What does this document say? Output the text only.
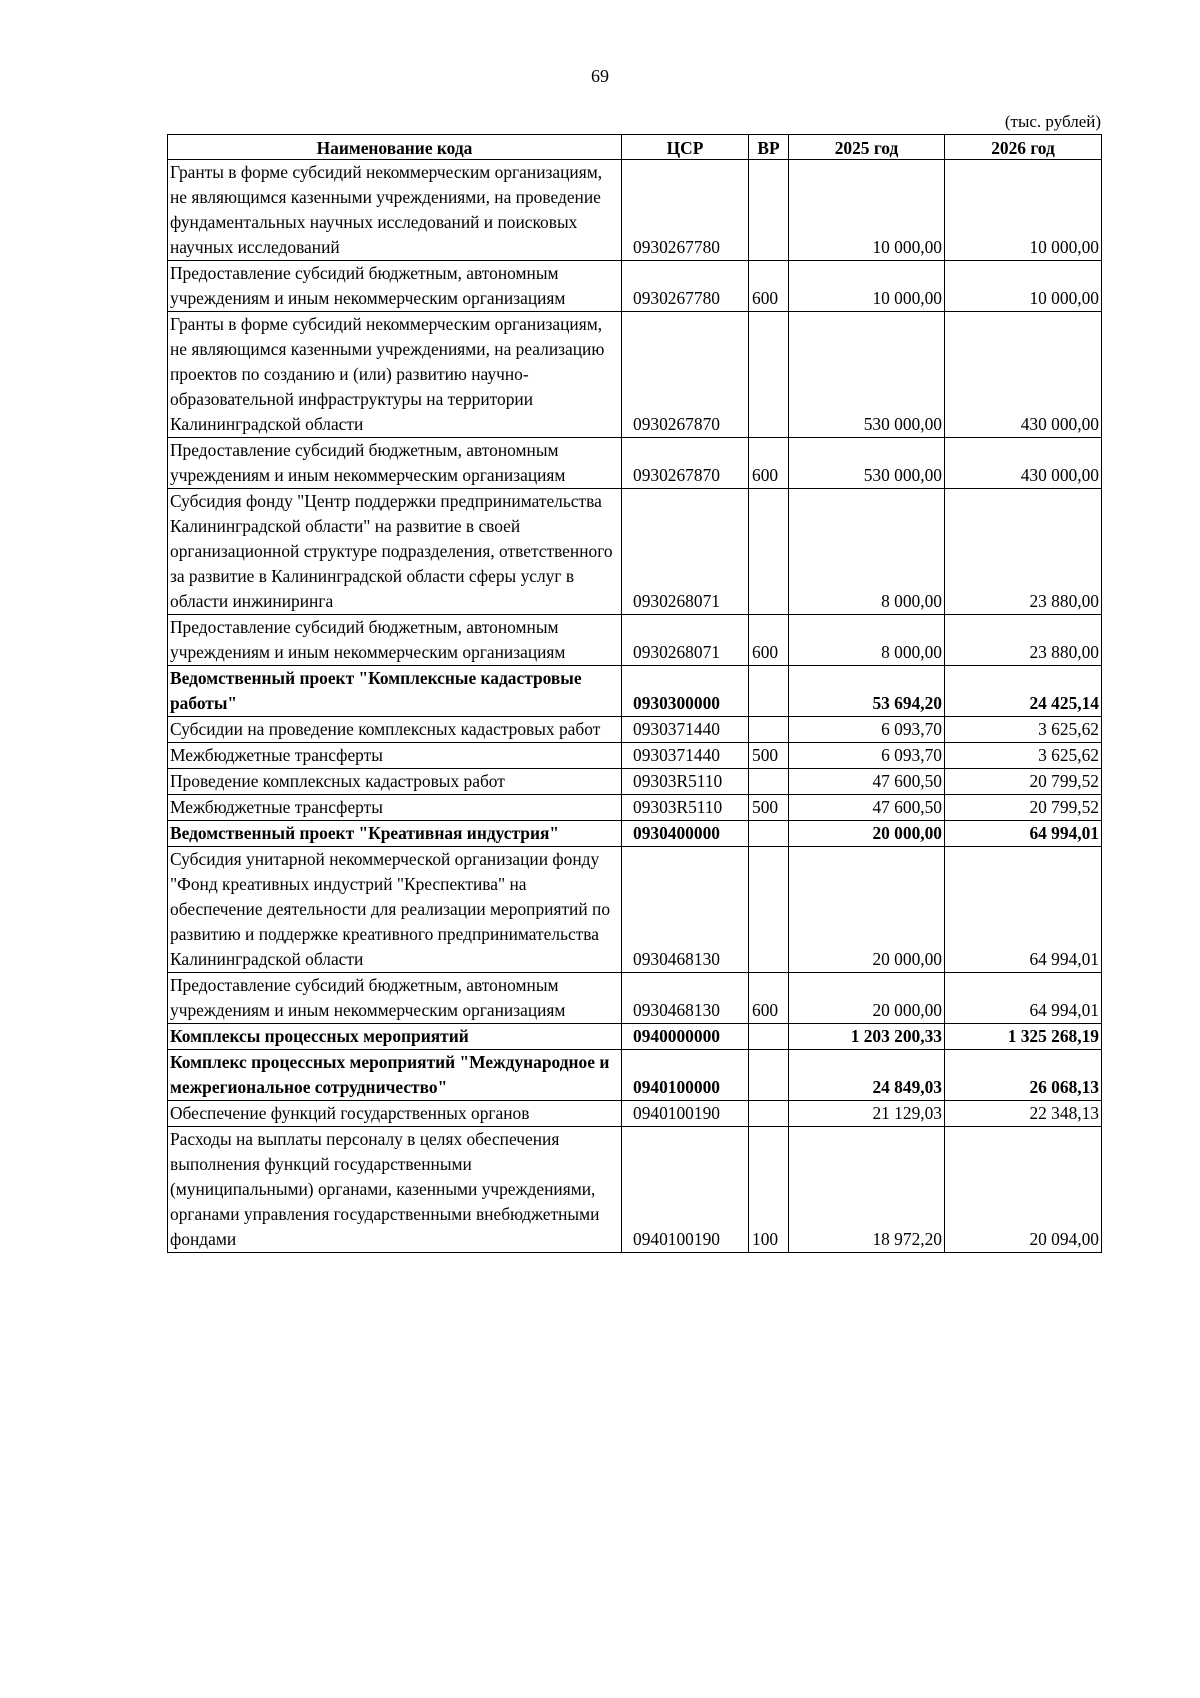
69
(тыс. рублей)
Наименование кода	ЦСР	ВР	2025 год	2026 год
Гранты в форме субсидий некоммерческим организациям, не являющимся казенными учреждениями, на проведение фундаментальных научных исследований и поисковых научных исследований	0930267780		10 000,00	10 000,00
Предоставление субсидий бюджетным, автономным учреждениям и иным некоммерческим организациям	0930267780	600	10 000,00	10 000,00
Гранты в форме субсидий некоммерческим организациям, не являющимся казенными учреждениями, на реализацию проектов по созданию и (или) развитию научно-образовательной инфраструктуры на территории Калининградской области	0930267870		530 000,00	430 000,00
Предоставление субсидий бюджетным, автономным учреждениям и иным некоммерческим организациям	0930267870	600	530 000,00	430 000,00
Субсидия фонду "Центр поддержки предпринимательства Калининградской области" на развитие в своей организационной структуре подразделения, ответственного за развитие в Калининградской области сферы услуг в области инжиниринга	0930268071		8 000,00	23 880,00
Предоставление субсидий бюджетным, автономным учреждениям и иным некоммерческим организациям	0930268071	600	8 000,00	23 880,00
Ведомственный проект "Комплексные кадастровые работы"	0930300000		53 694,20	24 425,14
Субсидии на проведение комплексных кадастровых работ	0930371440		6 093,70	3 625,62
Межбюджетные трансферты	0930371440	500	6 093,70	3 625,62
Проведение комплексных кадастровых работ	09303R5110		47 600,50	20 799,52
Межбюджетные трансферты	09303R5110	500	47 600,50	20 799,52
Ведомственный проект "Креативная индустрия"	0930400000		20 000,00	64 994,01
Субсидия унитарной некоммерческой организации фонду "Фонд креативных индустрий "Креспектива" на обеспечение деятельности для реализации мероприятий по развитию и поддержке креативного предпринимательства Калининградской области	0930468130		20 000,00	64 994,01
Предоставление субсидий бюджетным, автономным учреждениям и иным некоммерческим организациям	0930468130	600	20 000,00	64 994,01
Комплексы процессных мероприятий	0940000000		1 203 200,33	1 325 268,19
Комплекс процессных мероприятий "Международное и межрегиональное сотрудничество"	0940100000		24 849,03	26 068,13
Обеспечение функций государственных органов	0940100190		21 129,03	22 348,13
Расходы на выплаты персоналу в целях обеспечения выполнения функций государственными (муниципальными) органами, казенными учреждениями, органами управления государственными внебюджетными фондами	0940100190	100	18 972,20	20 094,00
